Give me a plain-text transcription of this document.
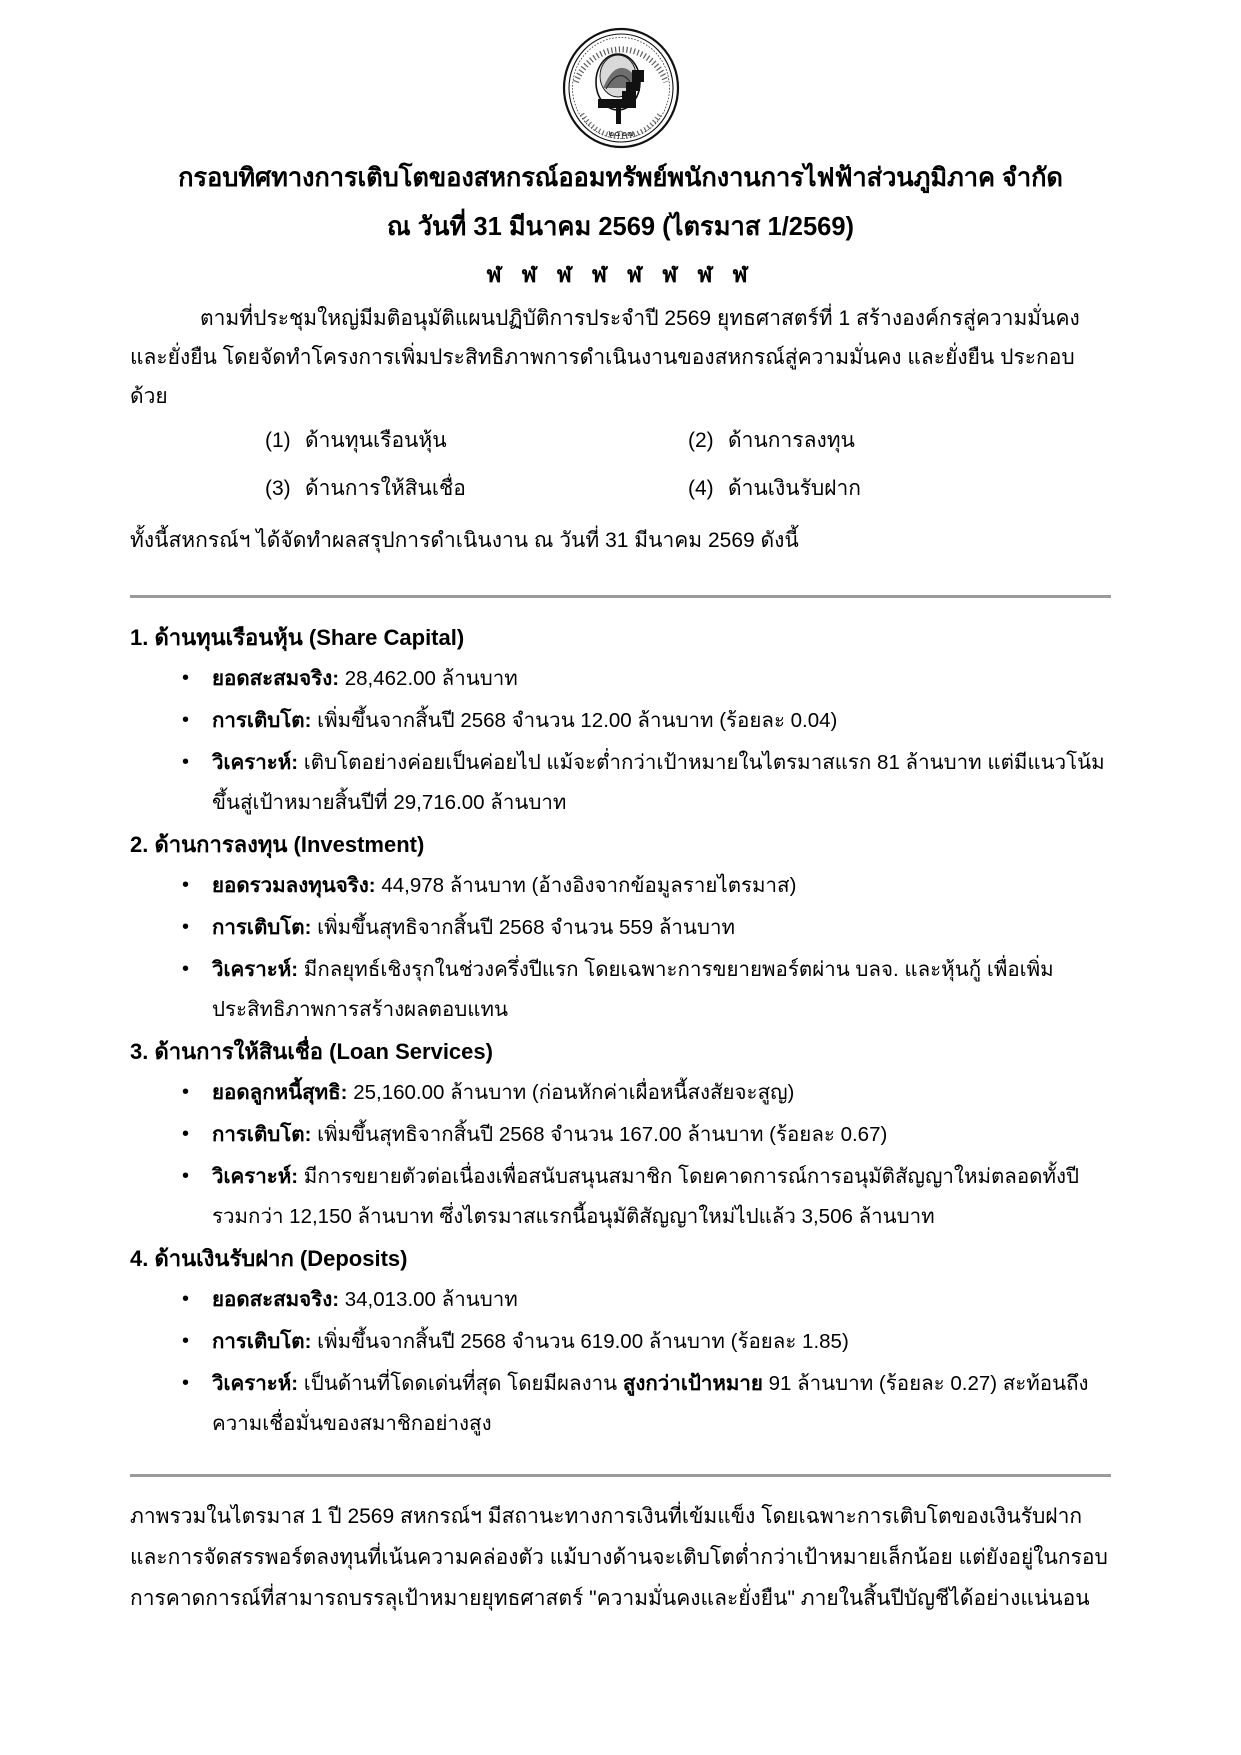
๒๕๒๗
กรอบทิศทางการเติบโตของสหกรณ์ออมทรัพย์พนักงานการไฟฟ้าส่วนภูมิภาค จำกัด
ณ วันที่ 31 มีนาคม 2569 (ไตรมาส 1/2569)
ฬ ฬ ฬ ฬ ฬ ฬ ฬ ฬ

ตามที่ประชุมใหญ่มีมติอนุมัติแผนปฏิบัติการประจำปี 2569 ยุทธศาสตร์ที่ 1 สร้างองค์กรสู่ความมั่นคง และยั่งยืน โดยจัดทำโครงการเพิ่มประสิทธิภาพการดำเนินงานของสหกรณ์สู่ความมั่นคง และยั่งยืน ประกอบด้วย

(1) ด้านทุนเรือนหุ้น	(2) ด้านการลงทุน
(3) ด้านการให้สินเชื่อ	(4) ด้านเงินรับฝาก

ทั้งนี้สหกรณ์ฯ ได้จัดทำผลสรุปการดำเนินงาน ณ วันที่ 31 มีนาคม 2569 ดังนี้

1. ด้านทุนเรือนหุ้น (Share Capital)
• ยอดสะสมจริง: 28,462.00 ล้านบาท
• การเติบโต: เพิ่มขึ้นจากสิ้นปี 2568 จำนวน 12.00 ล้านบาท (ร้อยละ 0.04)
• วิเคราะห์: เติบโตอย่างค่อยเป็นค่อยไป แม้จะต่ำกว่าเป้าหมายในไตรมาสแรก 81 ล้านบาท แต่มีแนวโน้มขึ้นสู่เป้าหมายสิ้นปีที่ 29,716.00 ล้านบาท
2. ด้านการลงทุน (Investment)
• ยอดรวมลงทุนจริง: 44,978 ล้านบาท (อ้างอิงจากข้อมูลรายไตรมาส)
• การเติบโต: เพิ่มขึ้นสุทธิจากสิ้นปี 2568 จำนวน 559 ล้านบาท
• วิเคราะห์: มีกลยุทธ์เชิงรุกในช่วงครึ่งปีแรก โดยเฉพาะการขยายพอร์ตผ่าน บลจ. และหุ้นกู้ เพื่อเพิ่มประสิทธิภาพการสร้างผลตอบแทน
3. ด้านการให้สินเชื่อ (Loan Services)
• ยอดลูกหนี้สุทธิ: 25,160.00 ล้านบาท (ก่อนหักค่าเผื่อหนี้สงสัยจะสูญ)
• การเติบโต: เพิ่มขึ้นสุทธิจากสิ้นปี 2568 จำนวน 167.00 ล้านบาท (ร้อยละ 0.67)
• วิเคราะห์: มีการขยายตัวต่อเนื่องเพื่อสนับสนุนสมาชิก โดยคาดการณ์การอนุมัติสัญญาใหม่ตลอดทั้งปีรวมกว่า 12,150 ล้านบาท ซึ่งไตรมาสแรกนี้อนุมัติสัญญาใหม่ไปแล้ว 3,506 ล้านบาท
4. ด้านเงินรับฝาก (Deposits)
• ยอดสะสมจริง: 34,013.00 ล้านบาท
• การเติบโต: เพิ่มขึ้นจากสิ้นปี 2568 จำนวน 619.00 ล้านบาท (ร้อยละ 1.85)
• วิเคราะห์: เป็นด้านที่โดดเด่นที่สุด โดยมีผลงาน สูงกว่าเป้าหมาย 91 ล้านบาท (ร้อยละ 0.27) สะท้อนถึงความเชื่อมั่นของสมาชิกอย่างสูง

ภาพรวมในไตรมาส 1 ปี 2569 สหกรณ์ฯ มีสถานะทางการเงินที่เข้มแข็ง โดยเฉพาะการเติบโตของเงินรับฝากและการจัดสรรพอร์ตลงทุนที่เน้นความคล่องตัว แม้บางด้านจะเติบโตต่ำกว่าเป้าหมายเล็กน้อย แต่ยังอยู่ในกรอบการคาดการณ์ที่สามารถบรรลุเป้าหมายยุทธศาสตร์ "ความมั่นคงและยั่งยืน" ภายในสิ้นปีบัญชีได้อย่างแน่นอน
